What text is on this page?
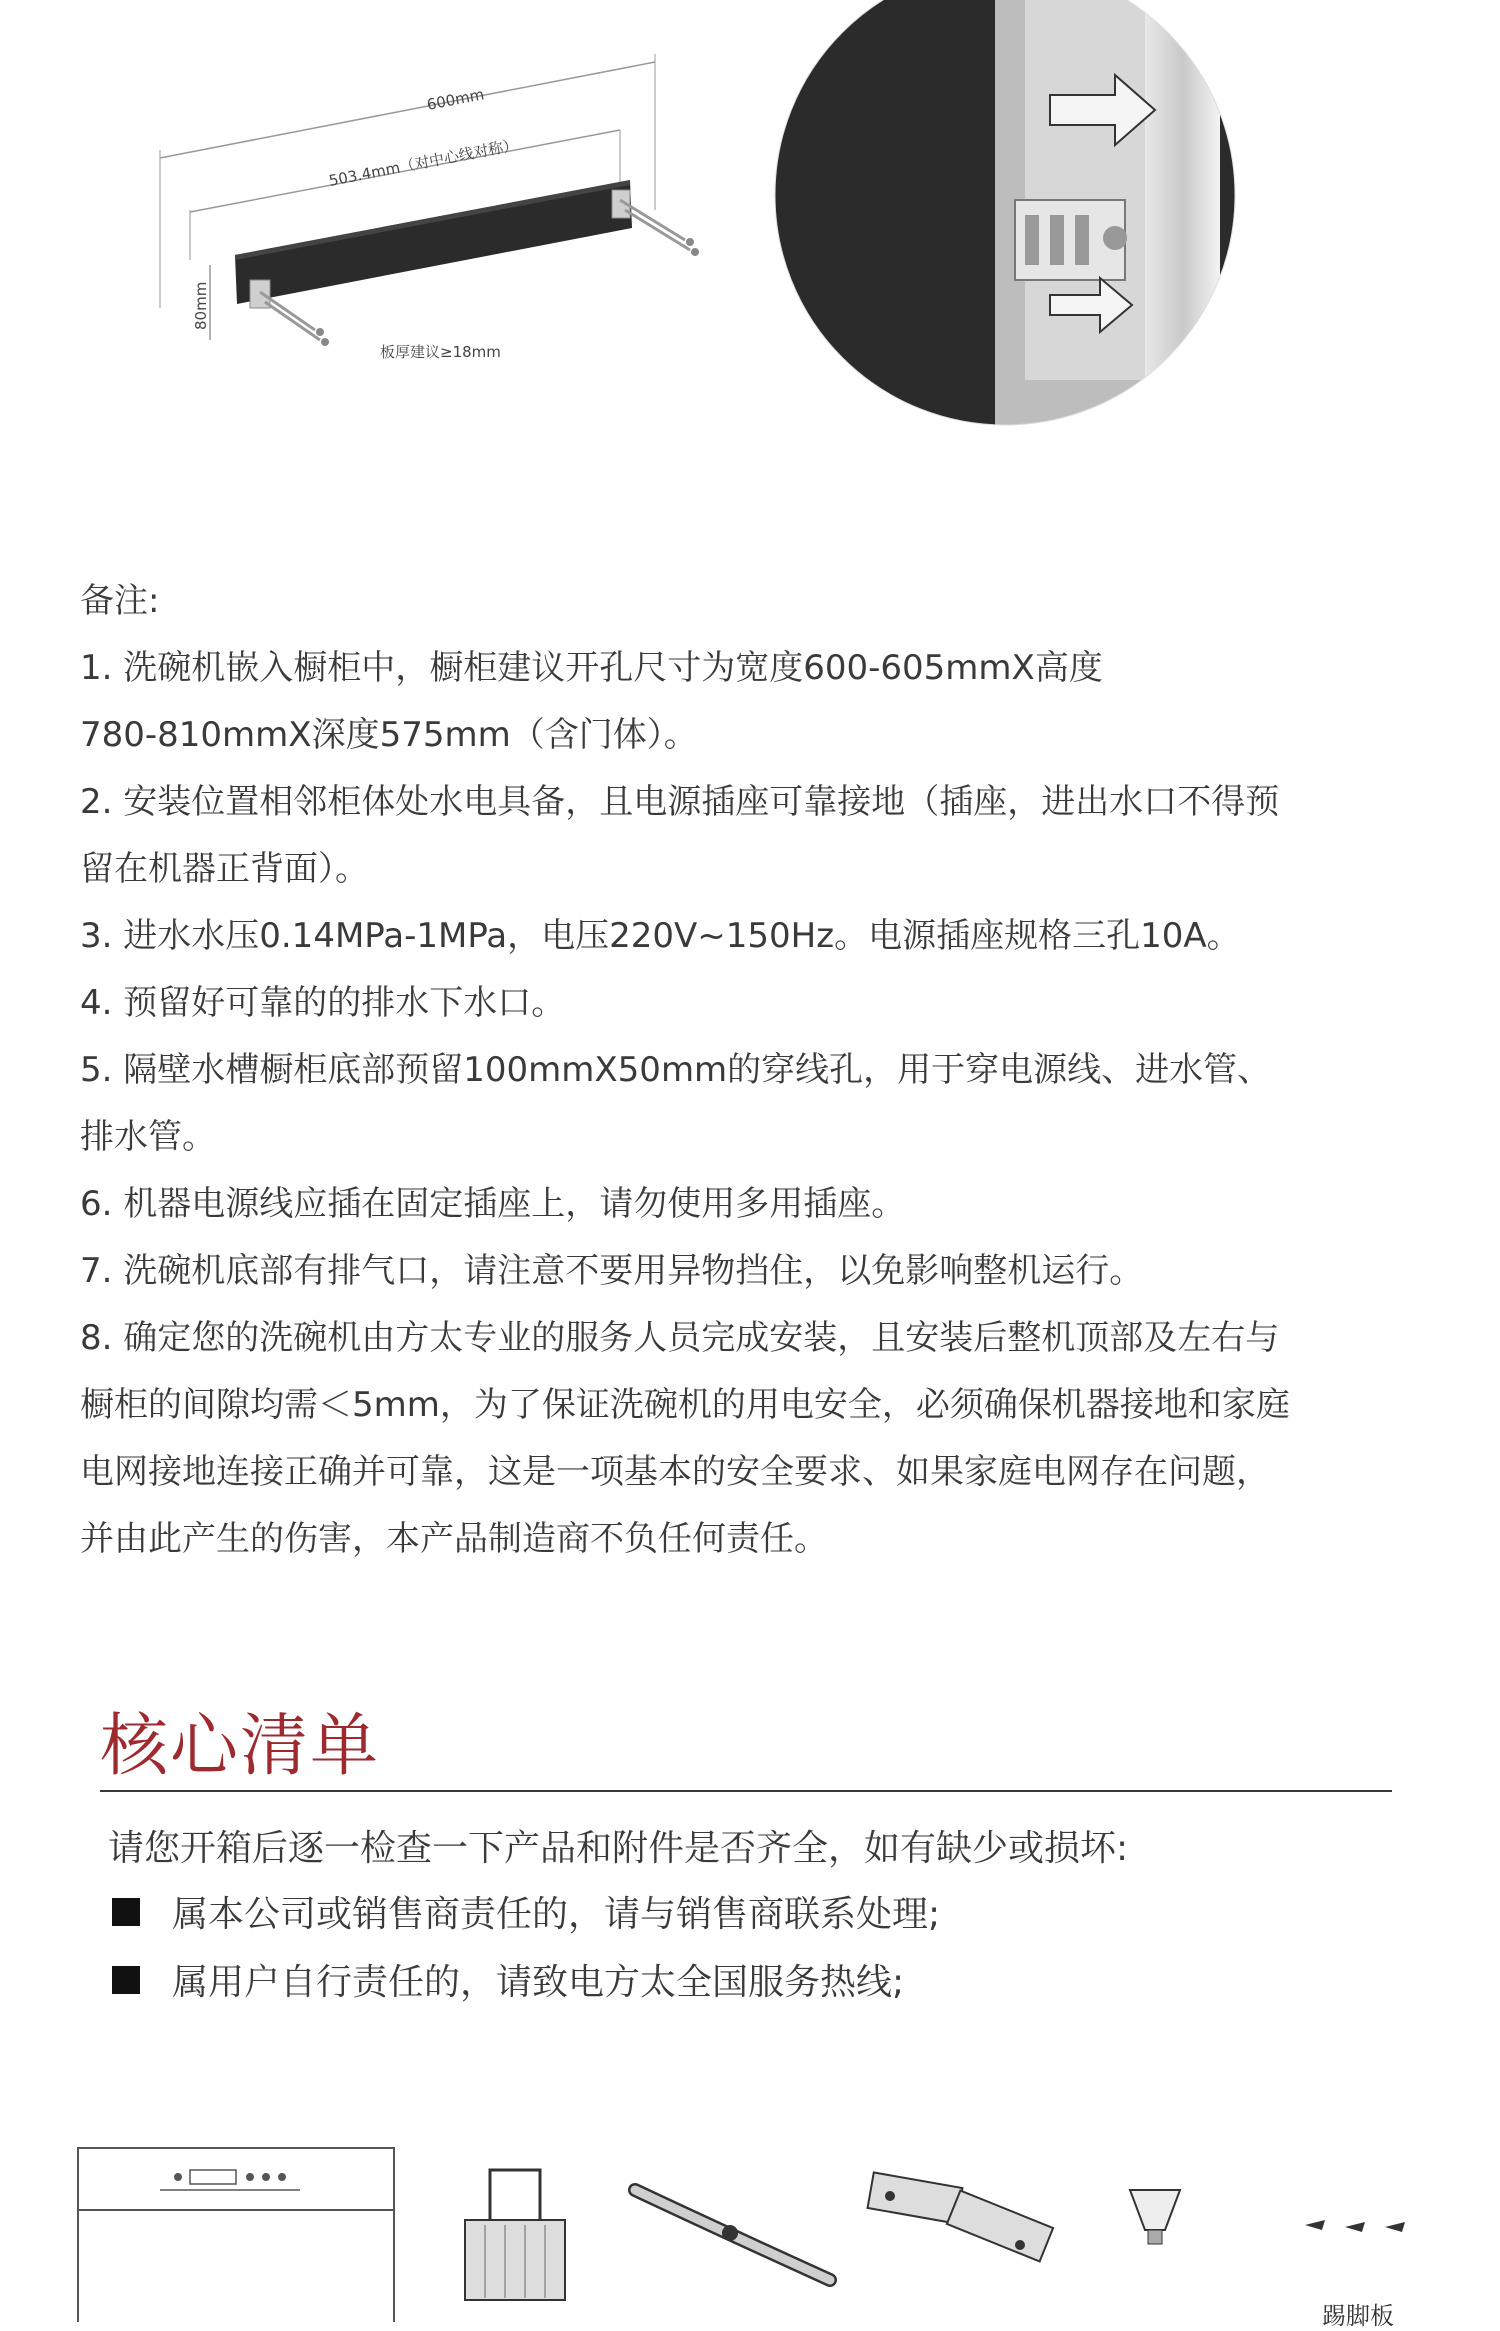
600mm
503.4mm（对中心线对称）
80mm
板厚建议≥18mm

备注:

1. 洗碗机嵌入橱柜中，橱柜建议开孔尺寸为宽度600-605mmX高度

780-810mmX深度575mm（含门体）。

2. 安装位置相邻柜体处水电具备，且电源插座可靠接地（插座，进出水口不得预

留在机器正背面）。

3. 进水水压0.14MPa-1MPa，电压220V~150Hz。电源插座规格三孔10A。

4. 预留好可靠的的排水下水口。

5. 隔壁水槽橱柜底部预留100mmX50mm的穿线孔，用于穿电源线、进水管、

排水管。

6. 机器电源线应插在固定插座上，请勿使用多用插座。

7. 洗碗机底部有排气口，请注意不要用异物挡住，以免影响整机运行。

8. 确定您的洗碗机由方太专业的服务人员完成安装，且安装后整机顶部及左右与

橱柜的间隙均需＜5mm，为了保证洗碗机的用电安全，必须确保机器接地和家庭

电网接地连接正确并可靠，这是一项基本的安全要求、如果家庭电网存在问题，

并由此产生的伤害，本产品制造商不负任何责任。

核心清单
请您开箱后逐一检查一下产品和附件是否齐全，如有缺少或损坏:
属本公司或销售商责任的，请与销售商联系处理;
属用户自行责任的，请致电方太全国服务热线;
踢脚板
